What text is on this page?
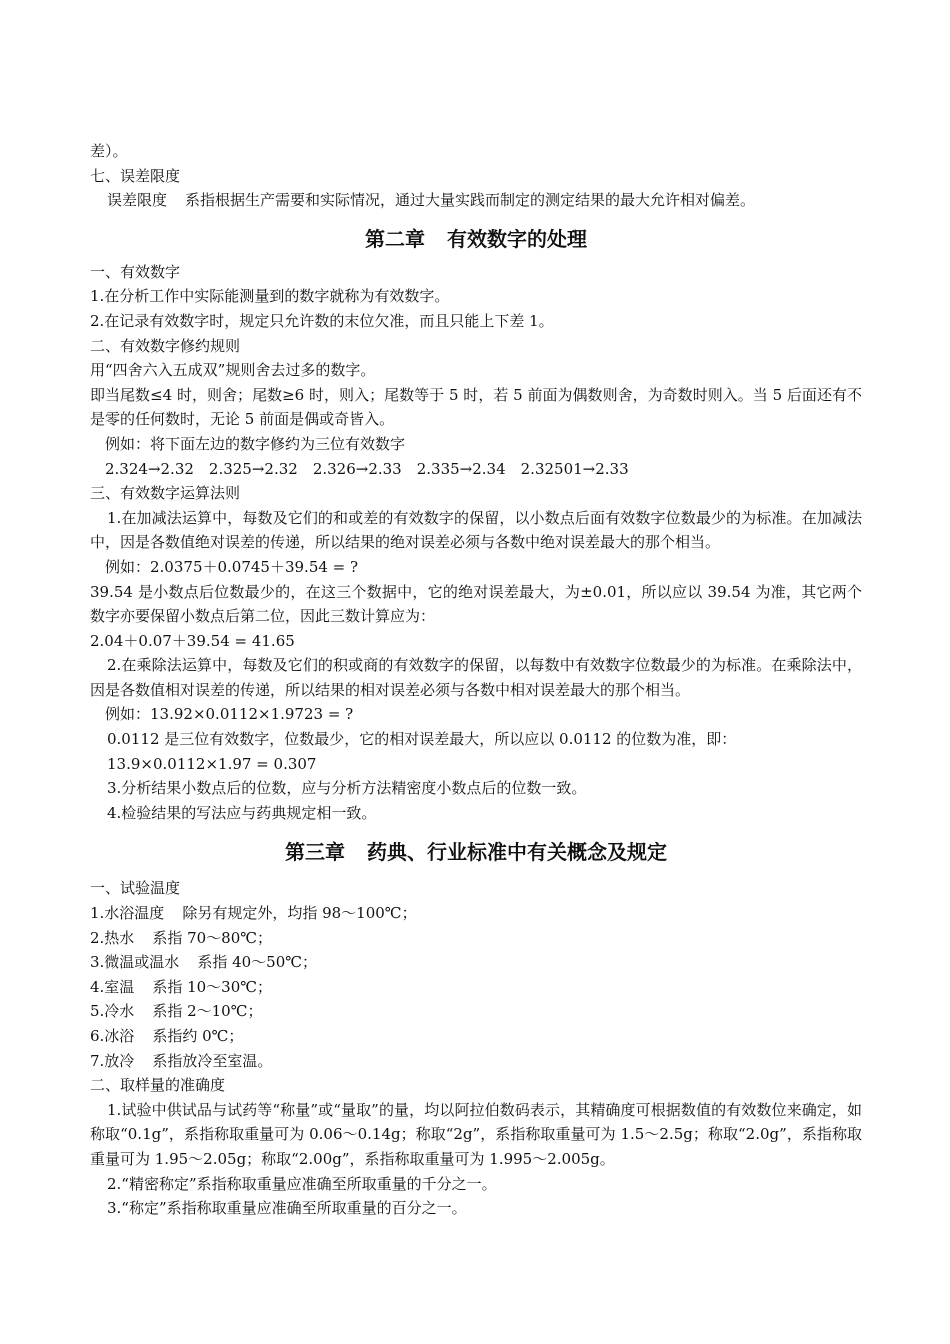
差）。

七、误差限度

误差限度 系指根据生产需要和实际情况，通过大量实践而制定的测定结果的最大允许相对偏差。

第二章 有效数字的处理

一、有效数字

1.在分析工作中实际能测量到的数字就称为有效数字。

2.在记录有效数字时，规定只允许数的末位欠准，而且只能上下差 1。

二、有效数字修约规则

用“四舍六入五成双”规则舍去过多的数字。

即当尾数≤4 时，则舍；尾数≥6 时，则入；尾数等于 5 时，若 5 前面为偶数则舍，为奇数时则入。当 5 后面还有不是零的任何数时，无论 5 前面是偶或奇皆入。

例如：将下面左边的数字修约为三位有效数字

2.324→2.32　2.325→2.32　2.326→2.33　2.335→2.34　2.32501→2.33

三、有效数字运算法则

1.在加减法运算中，每数及它们的和或差的有效数字的保留，以小数点后面有效数字位数最少的为标准。在加减法中，因是各数值绝对误差的传递，所以结果的绝对误差必须与各数中绝对误差最大的那个相当。

例如：2.0375＋0.0745＋39.54 = ?

39.54 是小数点后位数最少的，在这三个数据中，它的绝对误差最大，为±0.01，所以应以 39.54 为准，其它两个数字亦要保留小数点后第二位，因此三数计算应为：

2.04＋0.07＋39.54 = 41.65

2.在乘除法运算中，每数及它们的积或商的有效数字的保留，以每数中有效数字位数最少的为标准。在乘除法中，因是各数值相对误差的传递，所以结果的相对误差必须与各数中相对误差最大的那个相当。

例如：13.92×0.0112×1.9723 = ?

0.0112 是三位有效数字，位数最少，它的相对误差最大，所以应以 0.0112 的位数为准，即：

13.9×0.0112×1.97 = 0.307

3.分析结果小数点后的位数，应与分析方法精密度小数点后的位数一致。

4.检验结果的写法应与药典规定相一致。

第三章 药典、行业标准中有关概念及规定

一、试验温度

1.水浴温度 除另有规定外，均指 98～100℃；

2.热水 系指 70～80℃；

3.微温或温水 系指 40～50℃；

4.室温 系指 10～30℃；

5.冷水 系指 2～10℃；

6.冰浴 系指约 0℃；

7.放冷 系指放冷至室温。

二、取样量的准确度

1.试验中供试品与试药等“称量”或“量取”的量，均以阿拉伯数码表示，其精确度可根据数值的有效数位来确定，如称取“0.1g”，系指称取重量可为 0.06～0.14g；称取“2g”，系指称取重量可为 1.5～2.5g；称取“2.0g”，系指称取重量可为 1.95～2.05g；称取“2.00g”，系指称取重量可为 1.995～2.005g。

2.“精密称定”系指称取重量应准确至所取重量的千分之一。

3.“称定”系指称取重量应准确至所取重量的百分之一。
